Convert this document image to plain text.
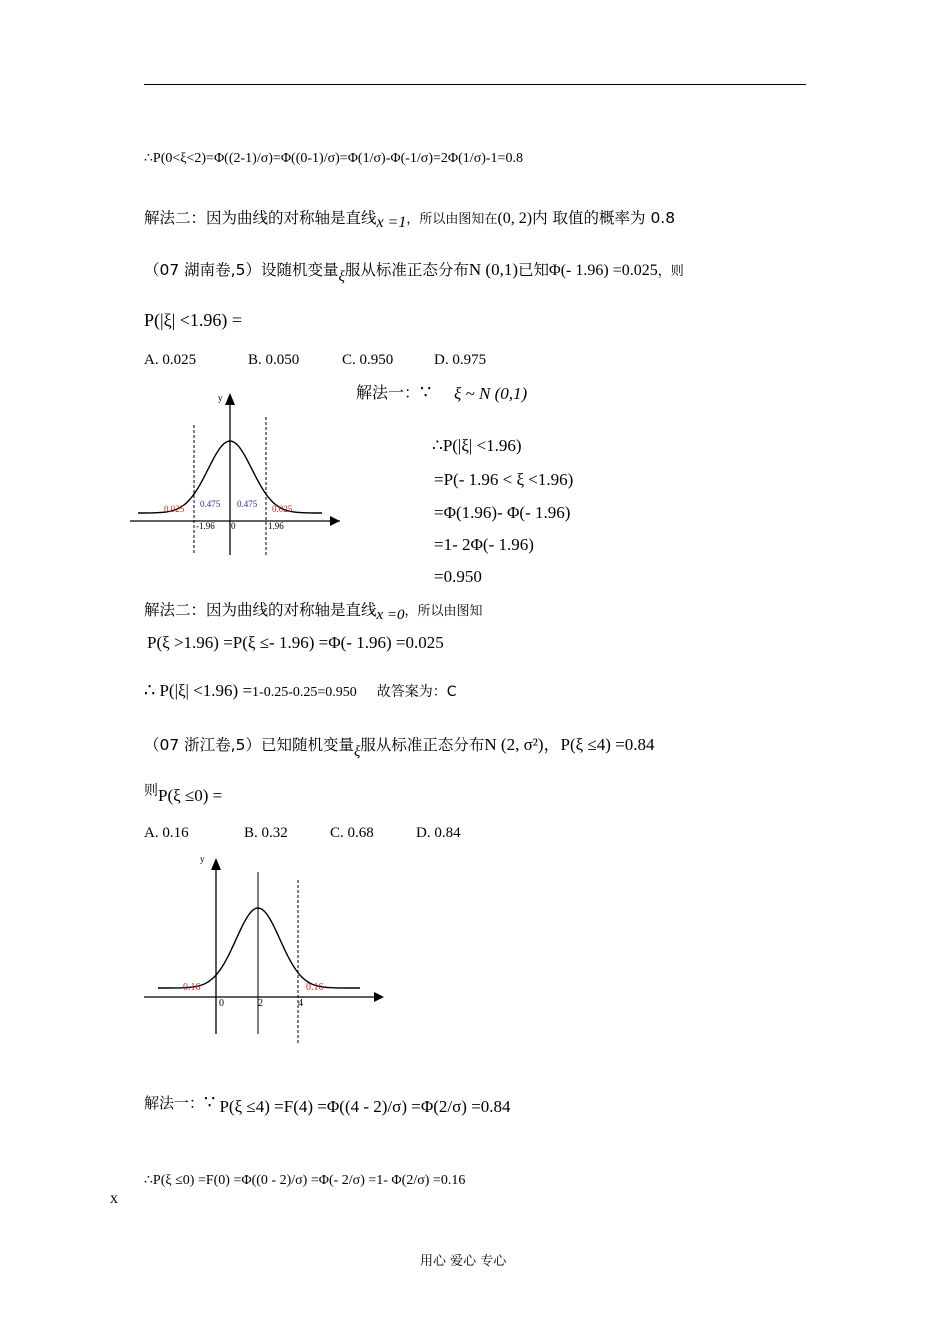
∴P(0<ξ<2)=Φ((2-1)/σ)=Φ((0-1)/σ)=Φ(1/σ)-Φ(-1/σ)=2Φ(1/σ)-1=0.8
解法二：因为曲线的对称轴是直线x =1，所以由图知在(0, 2)内 取值的概率为 0.8
（07 湖南卷,5）设随机变量ξ服从标准正态分布N (0,1)已知Φ(- 1.96) =0.025，则
P(|ξ| <1.96) =
A. 0.025	B. 0.050	C. 0.950	D. 0.975
y
0.025 0.475 0.475 0.025
-1.96 0	1.96
解法一：∵ ξ ~ N (0,1)
∴P(|ξ| <1.96)
=P(- 1.96 < ξ <1.96)
=Φ(1.96)- Φ(- 1.96)
=1- 2Φ(- 1.96)
=0.950
解法二：因为曲线的对称轴是直线x =0，所以由图知
P(ξ >1.96) =P(ξ ≤- 1.96) =Φ(- 1.96) =0.025
∴ P(|ξ| <1.96) =1-0.25-0.25=0.950 故答案为：C
（07 浙江卷,5）已知随机变量ξ服从标准正态分布N (2, σ²)，P(ξ ≤4) =0.84
则P(ξ ≤0) =
A. 0.16	B. 0.32	C. 0.68	D. 0.84
y
0.16	0.16
0	2	4
解法一：∵ P(ξ ≤4) =F(4) =Φ((4 - 2)/σ) =Φ(2/σ) =0.84
∴P(ξ ≤0) =F(0) =Φ((0 - 2)/σ) =Φ(- 2/σ) =1- Φ(2/σ) =0.16
x
用心 爱心 专心
